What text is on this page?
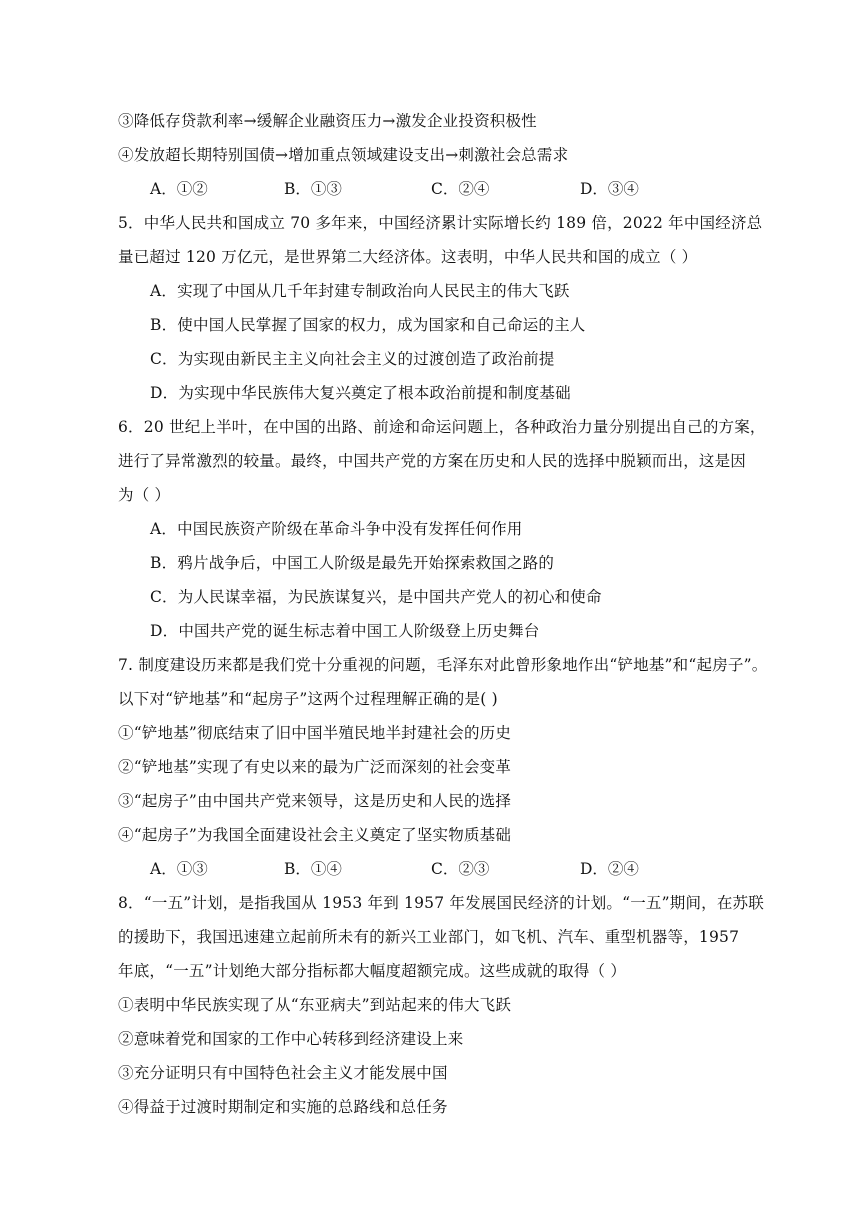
③降低存贷款利率→缓解企业融资压力→激发企业投资积极性
④发放超长期特别国债→增加重点领域建设支出→刺激社会总需求
A．①②	B．①③	C．②④	D．③④
5．中华人民共和国成立 70 多年来，中国经济累计实际增长约 189 倍，2022 年中国经济总
量已超过 120 万亿元，是世界第二大经济体。这表明，中华人民共和国的成立（ ）
A．实现了中国从几千年封建专制政治向人民民主的伟大飞跃
B．使中国人民掌握了国家的权力，成为国家和自己命运的主人
C．为实现由新民主主义向社会主义的过渡创造了政治前提
D．为实现中华民族伟大复兴奠定了根本政治前提和制度基础
6．20 世纪上半叶，在中国的出路、前途和命运问题上，各种政治力量分别提出自己的方案，
进行了异常激烈的较量。最终，中国共产党的方案在历史和人民的选择中脱颖而出，这是因
为（ ）
A．中国民族资产阶级在革命斗争中没有发挥任何作用
B．鸦片战争后，中国工人阶级是最先开始探索救国之路的
C．为人民谋幸福，为民族谋复兴，是中国共产党人的初心和使命
D．中国共产党的诞生标志着中国工人阶级登上历史舞台
7. 制度建设历来都是我们党十分重视的问题，毛泽东对此曾形象地作出“铲地基”和“起房子”。
以下对“铲地基”和“起房子”这两个过程理解正确的是( )
①“铲地基”彻底结束了旧中国半殖民地半封建社会的历史
②“铲地基”实现了有史以来的最为广泛而深刻的社会变革
③“起房子”由中国共产党来领导，这是历史和人民的选择
④“起房子”为我国全面建设社会主义奠定了坚实物质基础
A．①③	B．①④	C．②③	D．②④
8．“一五”计划，是指我国从 1953 年到 1957 年发展国民经济的计划。“一五”期间，在苏联
的援助下，我国迅速建立起前所未有的新兴工业部门，如飞机、汽车、重型机器等，1957
年底，“一五”计划绝大部分指标都大幅度超额完成。这些成就的取得（ ）
①表明中华民族实现了从“东亚病夫”到站起来的伟大飞跃
②意味着党和国家的工作中心转移到经济建设上来
③充分证明只有中国特色社会主义才能发展中国
④得益于过渡时期制定和实施的总路线和总任务
